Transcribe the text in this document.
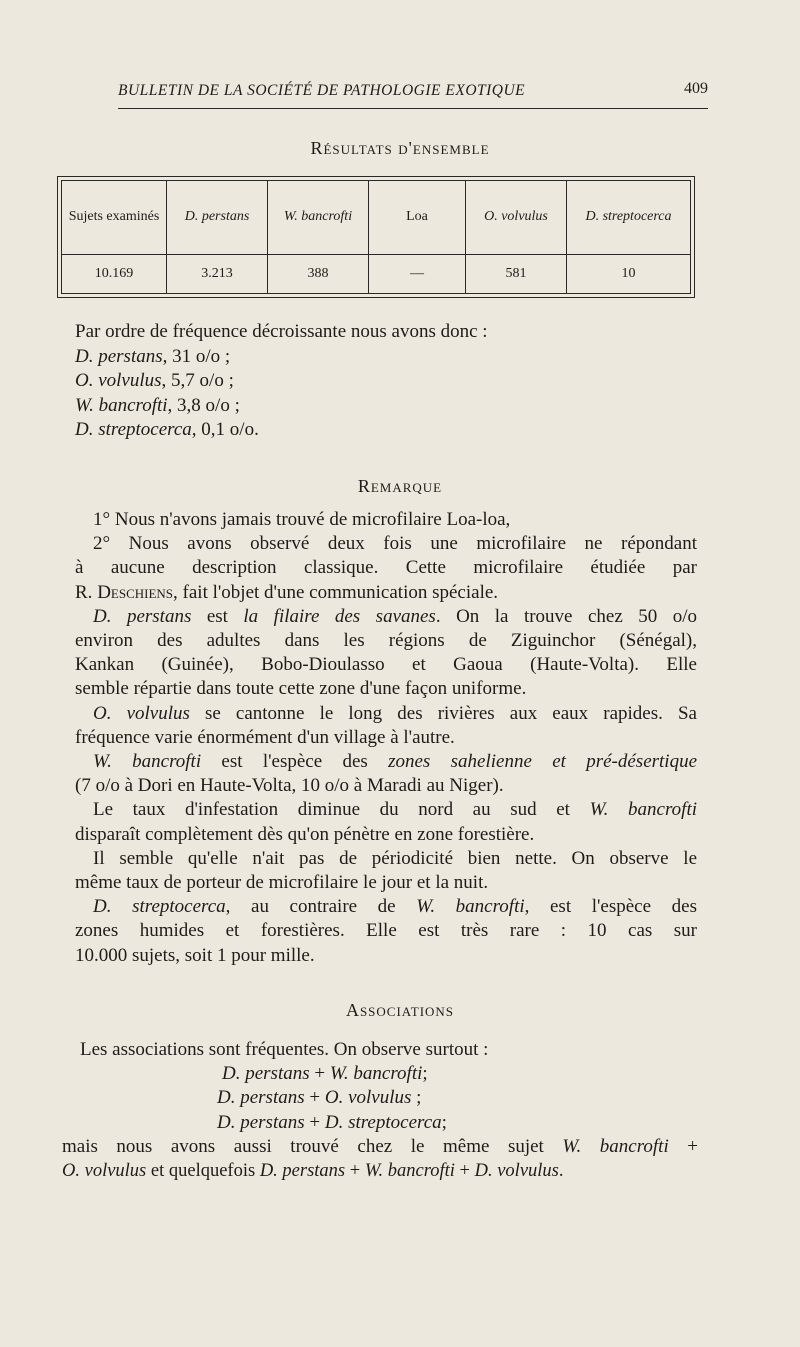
BULLETIN DE LA SOCIÉTÉ DE PATHOLOGIE EXOTIQUE	409
Résultats d'ensemble
Sujets examinés	D. perstans	W. bancrofti	Loa	O. volvulus	D. streptocerca
10.169	3.213	388	—	581	10
Par ordre de fréquence décroissante nous avons donc :
D. perstans, 31 o/o ;
O. volvulus, 5,7 o/o ;
W. bancrofti, 3,8 o/o ;
D. streptocerca, 0,1 o/o.
Remarque
1° Nous n'avons jamais trouvé de microfilaire Loa-loa,
2° Nous avons observé deux fois une microfilaire ne répondant
à aucune description classique. Cette microfilaire étudiée par
R. Deschiens, fait l'objet d'une communication spéciale.
D. perstans est la filaire des savanes. On la trouve chez 50 o/o
environ des adultes dans les régions de Ziguinchor (Sénégal),
Kankan (Guinée), Bobo-Dioulasso et Gaoua (Haute-Volta). Elle
semble répartie dans toute cette zone d'une façon uniforme.
O. volvulus se cantonne le long des rivières aux eaux rapides. Sa
fréquence varie énormément d'un village à l'autre.
W. bancrofti est l'espèce des zones sahelienne et pré-désertique
(7 o/o à Dori en Haute-Volta, 10 o/o à Maradi au Niger).
Le taux d'infestation diminue du nord au sud et W. bancrofti
disparaît complètement dès qu'on pénètre en zone forestière.
Il semble qu'elle n'ait pas de périodicité bien nette. On observe le
même taux de porteur de microfilaire le jour et la nuit.
D. streptocerca, au contraire de W. bancrofti, est l'espèce des
zones humides et forestières. Elle est très rare : 10 cas sur
10.000 sujets, soit 1 pour mille.
Associations
Les associations sont fréquentes. On observe surtout :
D. perstans + W. bancrofti;
D. perstans + O. volvulus ;
D. perstans + D. streptocerca;
mais nous avons aussi trouvé chez le même sujet W. bancrofti +
O. volvulus et quelquefois D. perstans + W. bancrofti + D. volvulus.
